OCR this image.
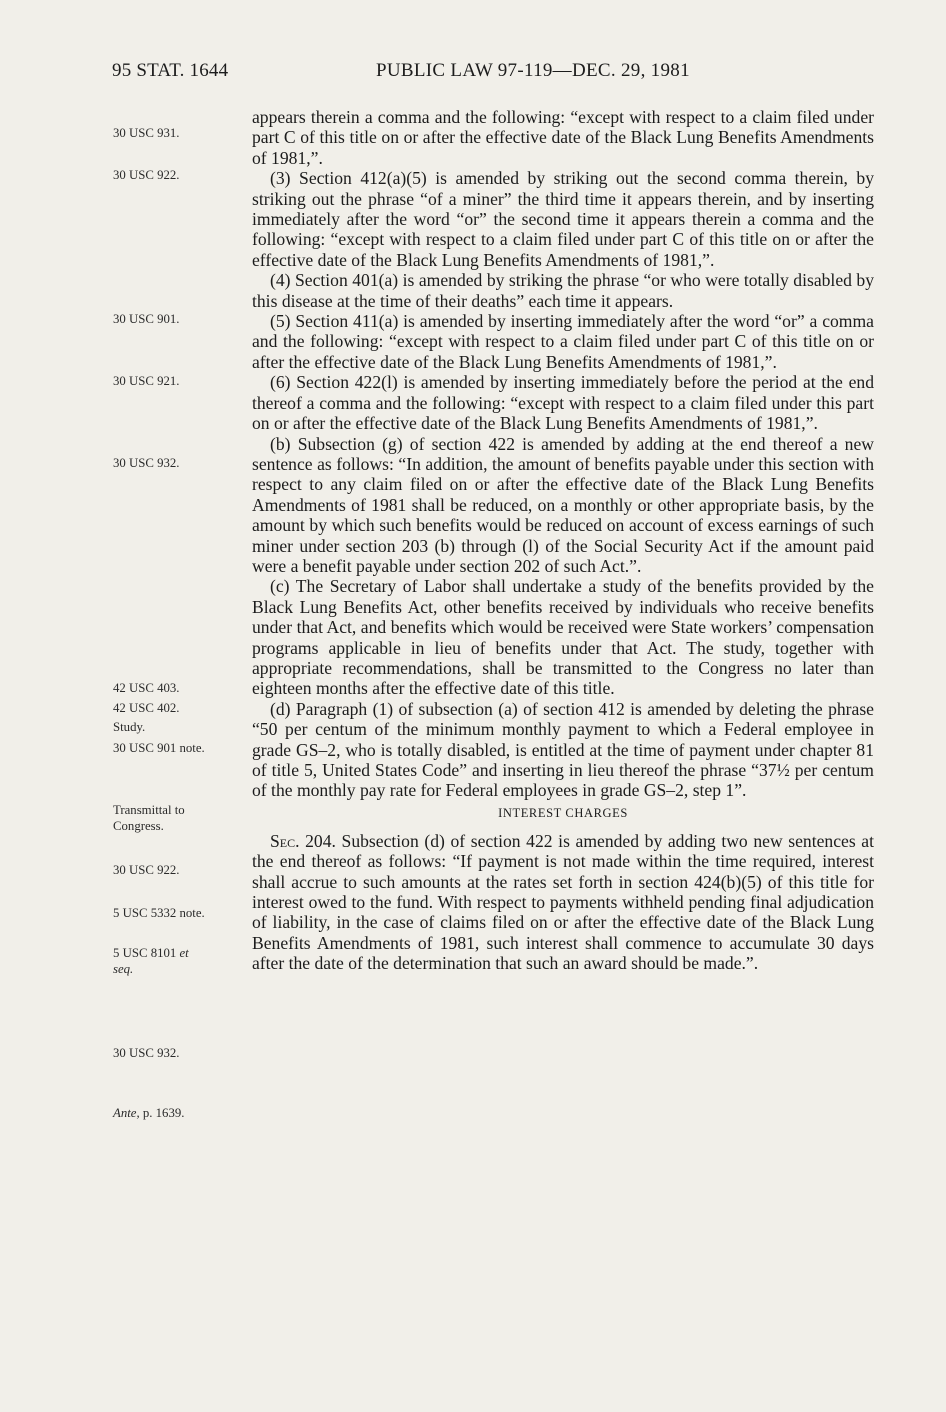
95 STAT. 1644	PUBLIC LAW 97-119—DEC. 29, 1981
30 USC 931.
30 USC 922.
30 USC 901.
30 USC 921.
30 USC 932.
42 USC 403.
42 USC 402.
Study.
30 USC 901 note.
Transmittal to
Congress.
30 USC 922.
5 USC 5332 note.
5 USC 8101 et
seq.
30 USC 932.
Ante, p. 1639.

appears therein a comma and the following: “except with respect to a claim filed under part C of this title on or after the effective date of the Black Lung Benefits Amendments of 1981,”.

(3) Section 412(a)(5) is amended by striking out the second comma therein, by striking out the phrase “of a miner” the third time it appears therein, and by inserting immediately after the word “or” the second time it appears therein a comma and the following: “except with respect to a claim filed under part C of this title on or after the effective date of the Black Lung Benefits Amendments of 1981,”.

(4) Section 401(a) is amended by striking the phrase “or who were totally disabled by this disease at the time of their deaths” each time it appears.

(5) Section 411(a) is amended by inserting immediately after the word “or” a comma and the following: “except with respect to a claim filed under part C of this title on or after the effective date of the Black Lung Benefits Amendments of 1981,”.

(6) Section 422(l) is amended by inserting immediately before the period at the end thereof a comma and the following: “except with respect to a claim filed under this part on or after the effective date of the Black Lung Benefits Amendments of 1981,”.

(b) Subsection (g) of section 422 is amended by adding at the end thereof a new sentence as follows: “In addition, the amount of benefits payable under this section with respect to any claim filed on or after the effective date of the Black Lung Benefits Amendments of 1981 shall be reduced, on a monthly or other appropriate basis, by the amount by which such benefits would be reduced on account of excess earnings of such miner under section 203 (b) through (l) of the Social Security Act if the amount paid were a benefit payable under section 202 of such Act.”.

(c) The Secretary of Labor shall undertake a study of the benefits provided by the Black Lung Benefits Act, other benefits received by individuals who receive benefits under that Act, and benefits which would be received were State workers’ compensation programs applicable in lieu of benefits under that Act. The study, together with appropriate recommendations, shall be transmitted to the Congress no later than eighteen months after the effective date of this title.

(d) Paragraph (1) of subsection (a) of section 412 is amended by deleting the phrase “50 per centum of the minimum monthly payment to which a Federal employee in grade GS–2, who is totally disabled, is entitled at the time of payment under chapter 81 of title 5, United States Code” and inserting in lieu thereof the phrase “37½ per centum of the monthly pay rate for Federal employees in grade GS–2, step 1”.

INTEREST CHARGES

Sec. 204. Subsection (d) of section 422 is amended by adding two new sentences at the end thereof as follows: “If payment is not made within the time required, interest shall accrue to such amounts at the rates set forth in section 424(b)(5) of this title for interest owed to the fund. With respect to payments withheld pending final adjudication of liability, in the case of claims filed on or after the effective date of the Black Lung Benefits Amendments of 1981, such interest shall commence to accumulate 30 days after the date of the determination that such an award should be made.”.
